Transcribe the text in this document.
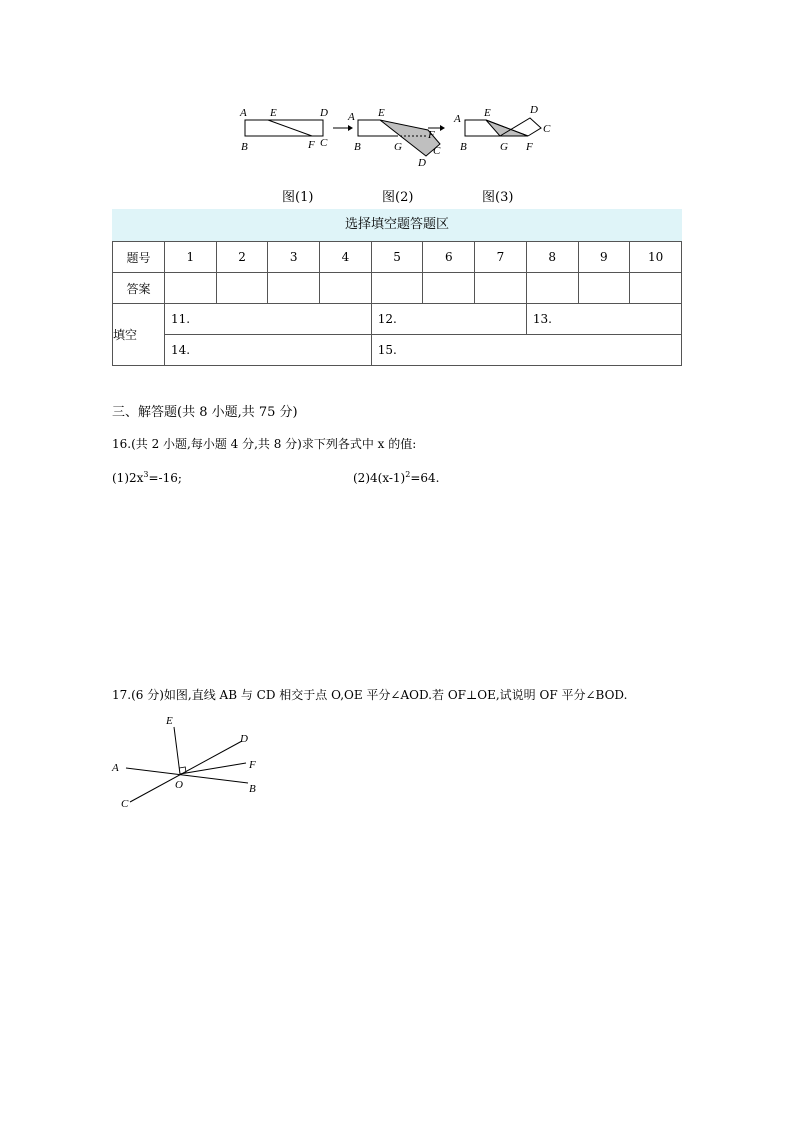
A E	D
B	F C
A E
F
B	G	C
D
A E	D
C
B	G F
图(1)	图(2)	图(3)
选择填空题答题区
题号	1	2	3	4	5	6	7	8	9	10
答案										
填空	11.				12.			13.		
	14.				15.					
三、解答题(共 8 小题,共 75 分)
16.(共 2 小题,每小题 4 分,共 8 分)求下列各式中 x 的值:
$(1)2x^3=-16$;	$(2)4(x-1)^2=64$.
17.(6 分)如图,直线 AB 与 CD 相交于点 O,OE 平分∠AOD.若 OF⊥OE,试说明 OF 平分∠BOD.
E
D
A	F
O	B
C
